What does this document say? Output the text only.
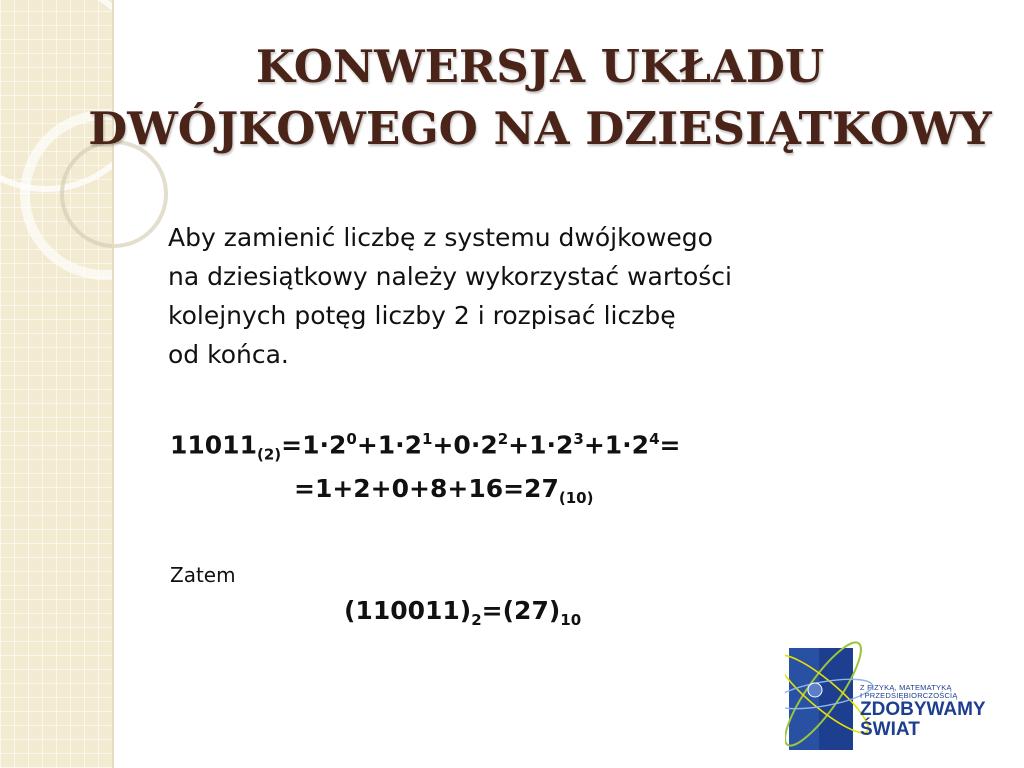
KONWERSJA UKŁADU
DWÓJKOWEGO NA DZIESIĄTKOWY

Aby zamienić liczbę z systemu dwójkowego
na dziesiątkowy należy wykorzystać wartości
kolejnych potęg liczby 2 i rozpisać liczbę
od końca.

$11011_{(2)}=1\cdot 2^0+1\cdot 2^1+0\cdot 2^2+1\cdot 2^3+1\cdot 2^4=$
$=1+2+0+8+16=27_{(10)}$
Zatem
$(110011)_2=(27)_{10}$
Z FIZYKĄ, MATEMATYKĄ
I PRZEDSIĘBIORCZOŚCIĄ
ZDOBYWAMY
ŚWIAT
